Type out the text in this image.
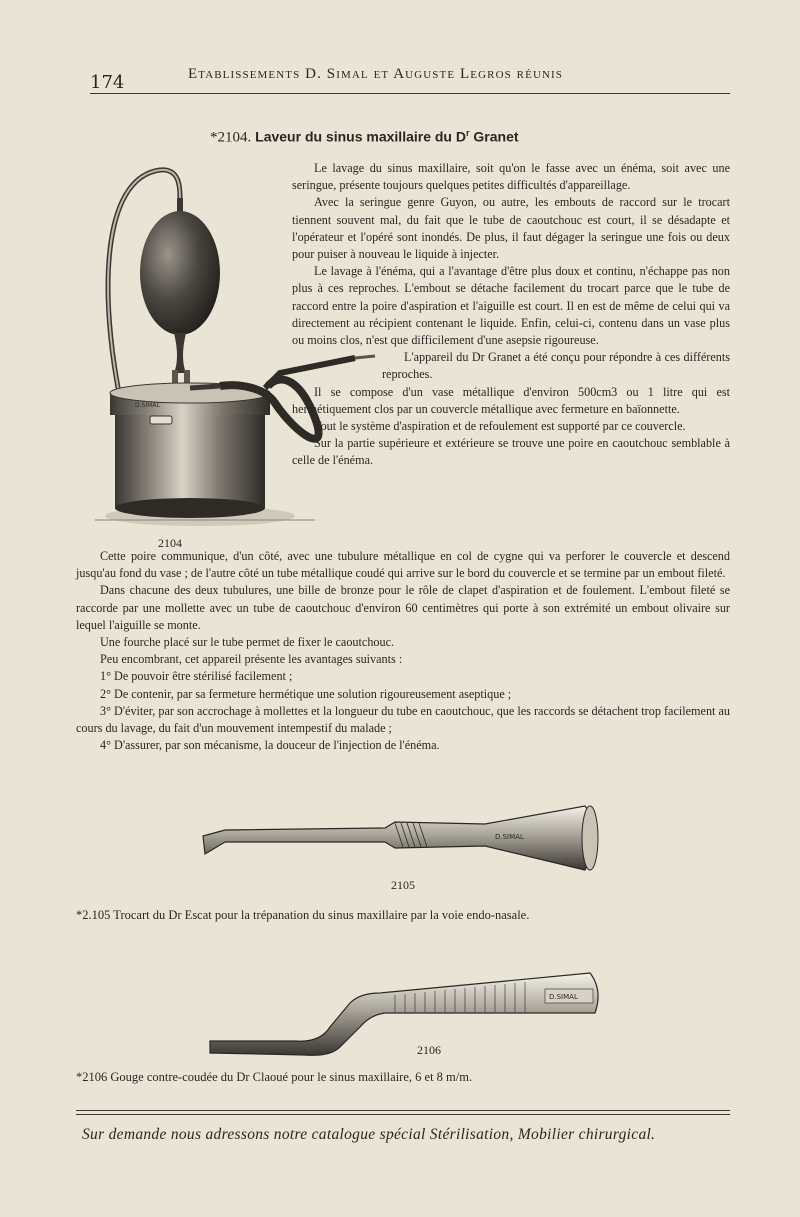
174	Etablissements D. Simal et Auguste Legros réunis
*2104. Laveur du sinus maxillaire du $D^r$ Granet
D.SIMAL
2104

Le lavage du sinus maxillaire, soit qu'on le fasse avec un énéma, soit avec une seringue, présente toujours quelques petites difficultés d'appareillage.

Avec la seringue genre Guyon, ou autre, les embouts de raccord sur le trocart tiennent souvent mal, du fait que le tube de caoutchouc est court, il se désadapte et l'opérateur et l'opéré sont inondés. De plus, il faut dégager la seringue une fois ou deux pour puiser à nouveau le liquide à injecter.

Le lavage à l'énéma, qui a l'avantage d'être plus doux et continu, n'échappe pas non plus à ces reproches. L'embout se détache facilement du trocart parce que le tube de raccord entre la poire d'aspiration et l'aiguille est court. Il en est de même de celui qui va directement au récipient contenant le liquide. Enfin, celui-ci, contenu dans un vase plus ou moins clos, n'est que difficilement d'une asepsie rigoureuse.

L'appareil du Dr Granet a été conçu pour répondre à ces différents reproches.

Il se compose d'un vase métallique d'environ 500cm3 ou 1 litre qui est hermétiquement clos par un couvercle métallique avec fermeture en baïonnette.

Tout le système d'aspiration et de refoulement est supporté par ce couvercle.

Sur la partie supérieure et extérieure se trouve une poire en caoutchouc semblable à celle de l'énéma.

Cette poire communique, d'un côté, avec une tubulure métallique en col de cygne qui va perforer le couvercle et descend jusqu'au fond du vase ; de l'autre côté un tube métallique coudé qui arrive sur le bord du couvercle et se termine par un embout fileté.

Dans chacune des deux tubulures, une bille de bronze pour le rôle de clapet d'aspiration et de foulement. L'embout fileté se raccorde par une mollette avec un tube de caoutchouc d'environ 60 centimètres qui porte à son extrémité un embout olivaire sur lequel l'aiguille se monte.

Une fourche placé sur le tube permet de fixer le caoutchouc.

Peu encombrant, cet appareil présente les avantages suivants :

1° De pouvoir être stérilisé facilement ;

2° De contenir, par sa fermeture hermétique une solution rigoureusement aseptique ;

3° D'éviter, par son accrochage à mollettes et la longueur du tube en caoutchouc, que les raccords se détachent trop facilement au cours du lavage, du fait d'un mouvement intempestif du malade ;

4° D'assurer, par son mécanisme, la douceur de l'injection de l'énéma.

D.SIMAL
2105
*2.105 Trocart du Dr Escat pour la trépanation du sinus maxillaire par la voie endo-nasale.
D.SIMAL
2106
*2106 Gouge contre-coudée du Dr Claoué pour le sinus maxillaire, 6 et 8 m/m.
Sur demande nous adressons notre catalogue spécial Stérilisation, Mobilier chirurgical.
